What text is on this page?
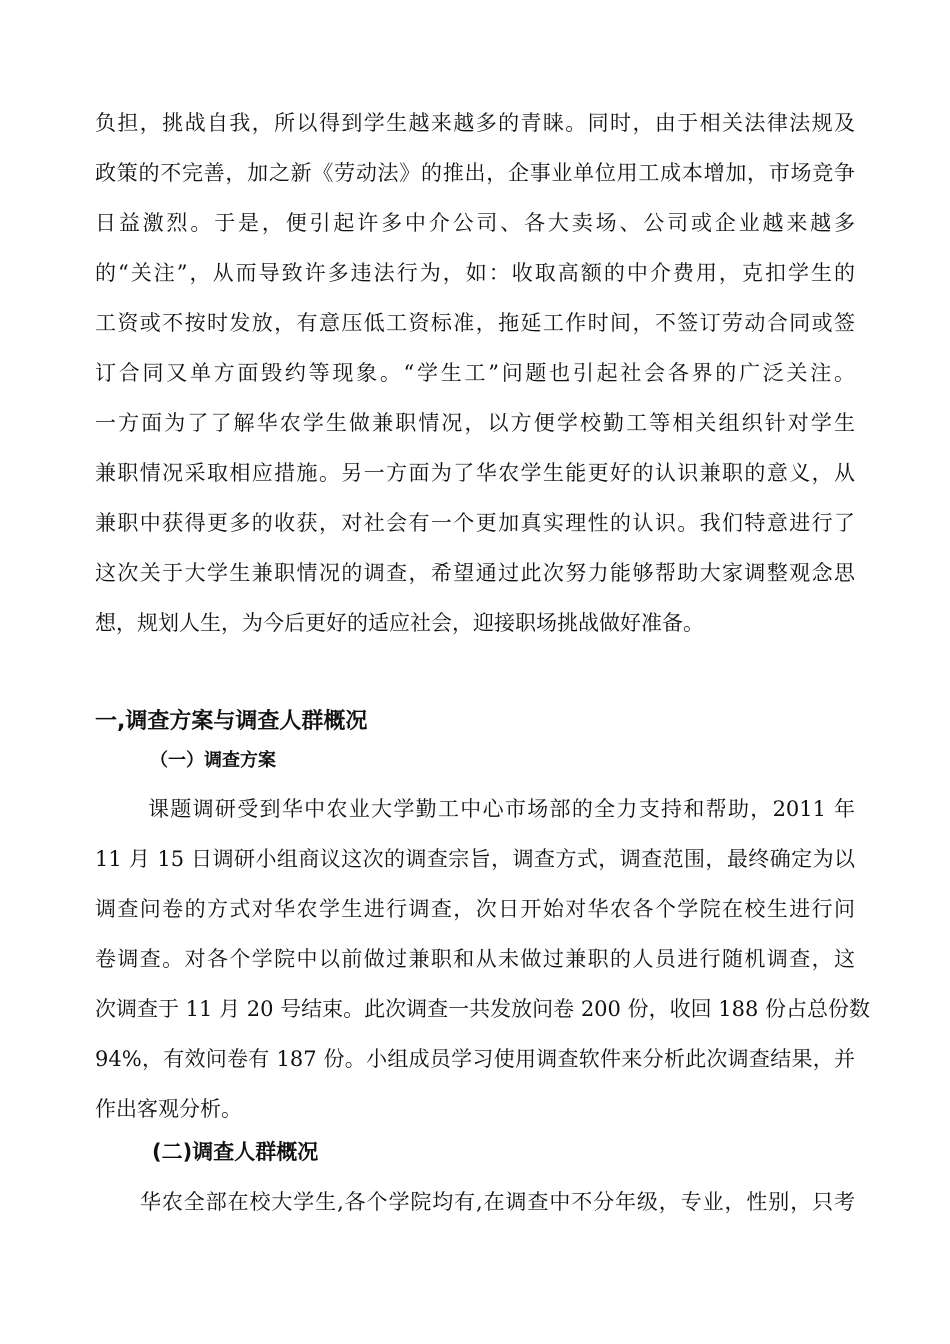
负担，挑战自我，所以得到学生越来越多的青睐。同时，由于相关法律法规及
政策的不完善，加之新《劳动法》的推出，企事业单位用工成本增加，市场竞争
日益激烈。于是，便引起许多中介公司、各大卖场、公司或企业越来越多
的“关注”，从而导致许多违法行为，如：收取高额的中介费用，克扣学生的
工资或不按时发放，有意压低工资标准，拖延工作时间，不签订劳动合同或签
订合同又单方面毁约等现象。“学生工”问题也引起社会各界的广泛关注。
一方面为了了解华农学生做兼职情况，以方便学校勤工等相关组织针对学生
兼职情况采取相应措施。另一方面为了华农学生能更好的认识兼职的意义，从
兼职中获得更多的收获，对社会有一个更加真实理性的认识。我们特意进行了
这次关于大学生兼职情况的调查，希望通过此次努力能够帮助大家调整观念思
想，规划人生，为今后更好的适应社会，迎接职场挑战做好准备。
一,调查方案与调查人群概况
（一）调查方案
课题调研受到华中农业大学勤工中心市场部的全力支持和帮助，2011 年
11 月 15 日调研小组商议这次的调查宗旨，调查方式，调查范围，最终确定为以
调查问卷的方式对华农学生进行调查，次日开始对华农各个学院在校生进行问
卷调查。对各个学院中以前做过兼职和从未做过兼职的人员进行随机调查，这
次调查于 11 月 20 号结束。此次调查一共发放问卷 200 份，收回 188 份占总份数
94%，有效问卷有 187 份。小组成员学习使用调查软件来分析此次调查结果，并
作出客观分析。
(二)调查人群概况
华农全部在校大学生,各个学院均有,在调查中不分年级，专业，性别，只考
